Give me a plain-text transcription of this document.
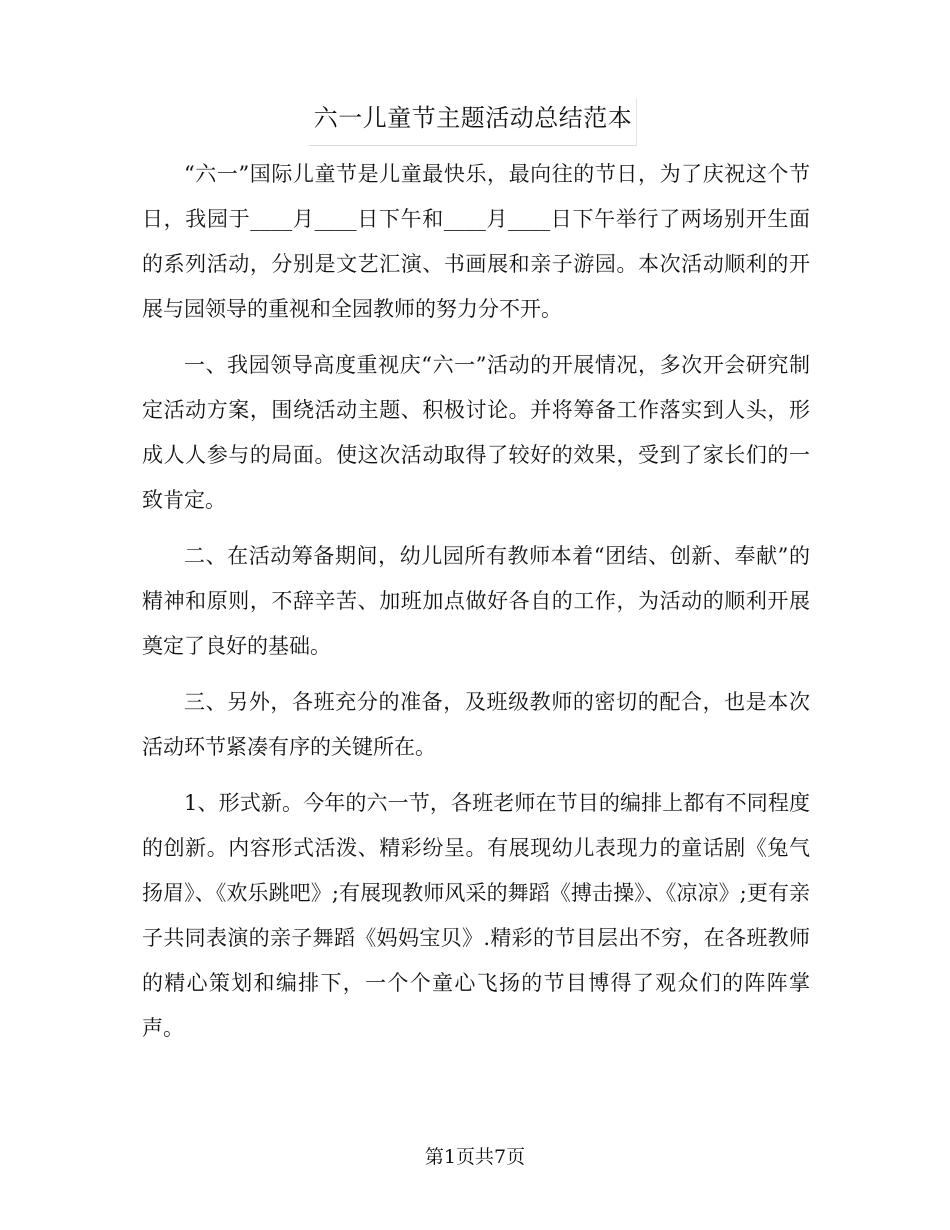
六一儿童节主题活动总结范本

“六一”国际儿童节是儿童最快乐，最向往的节日，为了庆祝这个节日，我园于____月____日下午和____月____日下午举行了两场别开生面的系列活动，分别是文艺汇演、书画展和亲子游园。本次活动顺利的开展与园领导的重视和全园教师的努力分不开。

一、我园领导高度重视庆“六一”活动的开展情况，多次开会研究制定活动方案，围绕活动主题、积极讨论。并将筹备工作落实到人头，形成人人参与的局面。使这次活动取得了较好的效果，受到了家长们的一致肯定。

二、在活动筹备期间，幼儿园所有教师本着“团结、创新、奉献”的精神和原则，不辞辛苦、加班加点做好各自的工作，为活动的顺利开展奠定了良好的基础。

三、另外，各班充分的准备，及班级教师的密切的配合，也是本次活动环节紧凑有序的关键所在。

1、形式新。今年的六一节，各班老师在节目的编排上都有不同程度的创新。内容形式活泼、精彩纷呈。有展现幼儿表现力的童话剧《兔气扬眉》、《欢乐跳吧》;有展现教师风采的舞蹈《搏击操》、《凉凉》;更有亲子共同表演的亲子舞蹈《妈妈宝贝》.精彩的节目层出不穷，在各班教师的精心策划和编排下，一个个童心飞扬的节目博得了观众们的阵阵掌声。

第1页共7页
